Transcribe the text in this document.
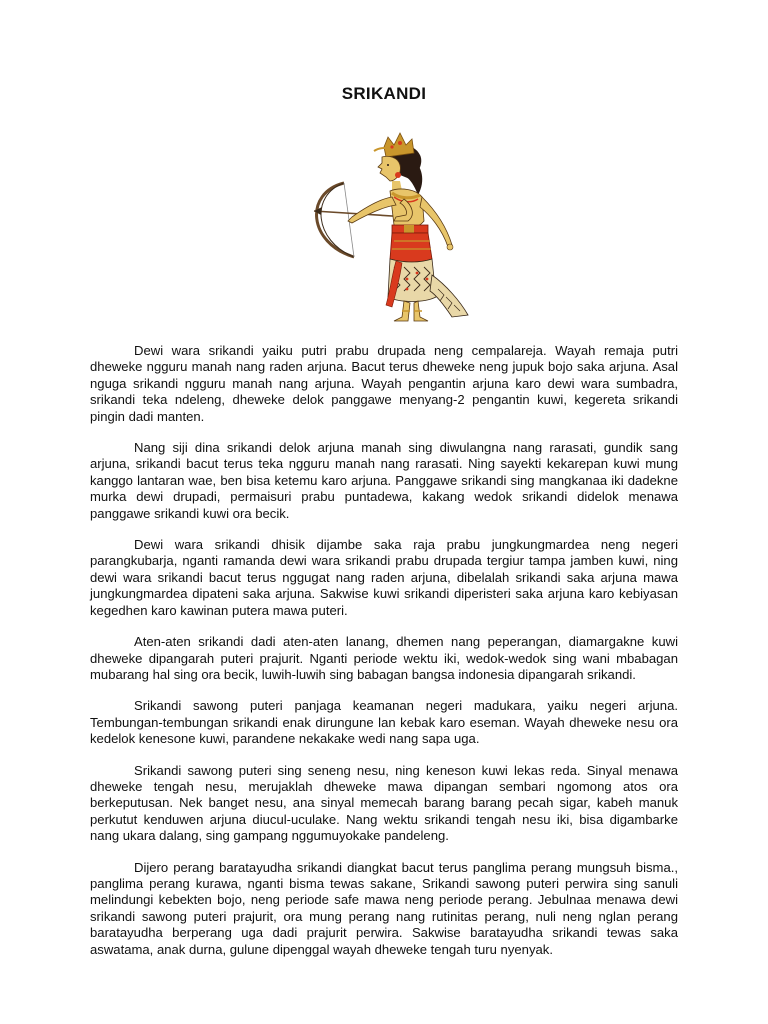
SRIKANDI

Dewi wara srikandi yaiku putri prabu drupada neng cempalareja. Wayah remaja putri dheweke ngguru manah nang raden arjuna. Bacut terus dheweke neng jupuk bojo saka arjuna. Asal nguga srikandi ngguru manah nang arjuna. Wayah pengantin arjuna karo dewi wara sumbadra, srikandi teka ndeleng, dheweke delok panggawe menyang-2 pengantin kuwi, kegereta srikandi pingin dadi manten.

Nang siji dina srikandi delok arjuna manah sing diwulangna nang rarasati, gundik sang arjuna, srikandi bacut terus teka ngguru manah nang rarasati. Ning sayekti kekarepan kuwi mung kanggo lantaran wae, ben bisa ketemu karo arjuna. Panggawe srikandi sing mangkanaa iki dadekne murka dewi drupadi, permaisuri prabu puntadewa, kakang wedok srikandi didelok menawa panggawe srikandi kuwi ora becik.

Dewi wara srikandi dhisik dijambe saka raja prabu jungkungmardea neng negeri parangkubarja, nganti ramanda dewi wara srikandi prabu drupada tergiur tampa jamben kuwi, ning dewi wara srikandi bacut terus nggugat nang raden arjuna, dibelalah srikandi saka arjuna mawa jungkungmardea dipateni saka arjuna. Sakwise kuwi srikandi diperisteri saka arjuna karo kebiyasan kegedhen karo kawinan putera mawa puteri.

Aten-aten srikandi dadi aten-aten lanang, dhemen nang peperangan, diamargakne kuwi dheweke dipangarah puteri prajurit. Nganti periode wektu iki, wedok-wedok sing wani mbabagan mubarang hal sing ora becik, luwih-luwih sing babagan bangsa indonesia dipangarah srikandi.

Srikandi sawong puteri panjaga keamanan negeri madukara, yaiku negeri arjuna. Tembungan-tembungan srikandi enak dirungune lan kebak karo eseman. Wayah dheweke nesu ora kedelok kenesone kuwi, parandene nekakake wedi nang sapa uga.

Srikandi sawong puteri sing seneng nesu, ning keneson kuwi lekas reda. Sinyal menawa dheweke tengah nesu, merujaklah dheweke mawa dipangan sembari ngomong atos ora berkeputusan. Nek banget nesu, ana sinyal memecah barang barang pecah sigar, kabeh manuk perkutut kenduwen arjuna diucul-uculake. Nang wektu srikandi tengah nesu iki, bisa digambarke nang ukara dalang, sing gampang nggumuyokake pandeleng.

Dijero perang baratayudha srikandi diangkat bacut terus panglima perang mungsuh bisma., panglima perang kurawa, nganti bisma tewas sakane, Srikandi sawong puteri perwira sing sanuli melindungi kebekten bojo, neng periode safe mawa neng periode perang. Jebulnaa menawa dewi srikandi sawong puteri prajurit, ora mung perang nang rutinitas perang, nuli neng nglan perang baratayudha berperang uga dadi prajurit perwira. Sakwise baratayudha srikandi tewas saka aswatama, anak durna, gulune dipenggal wayah dheweke tengah turu nyenyak.
